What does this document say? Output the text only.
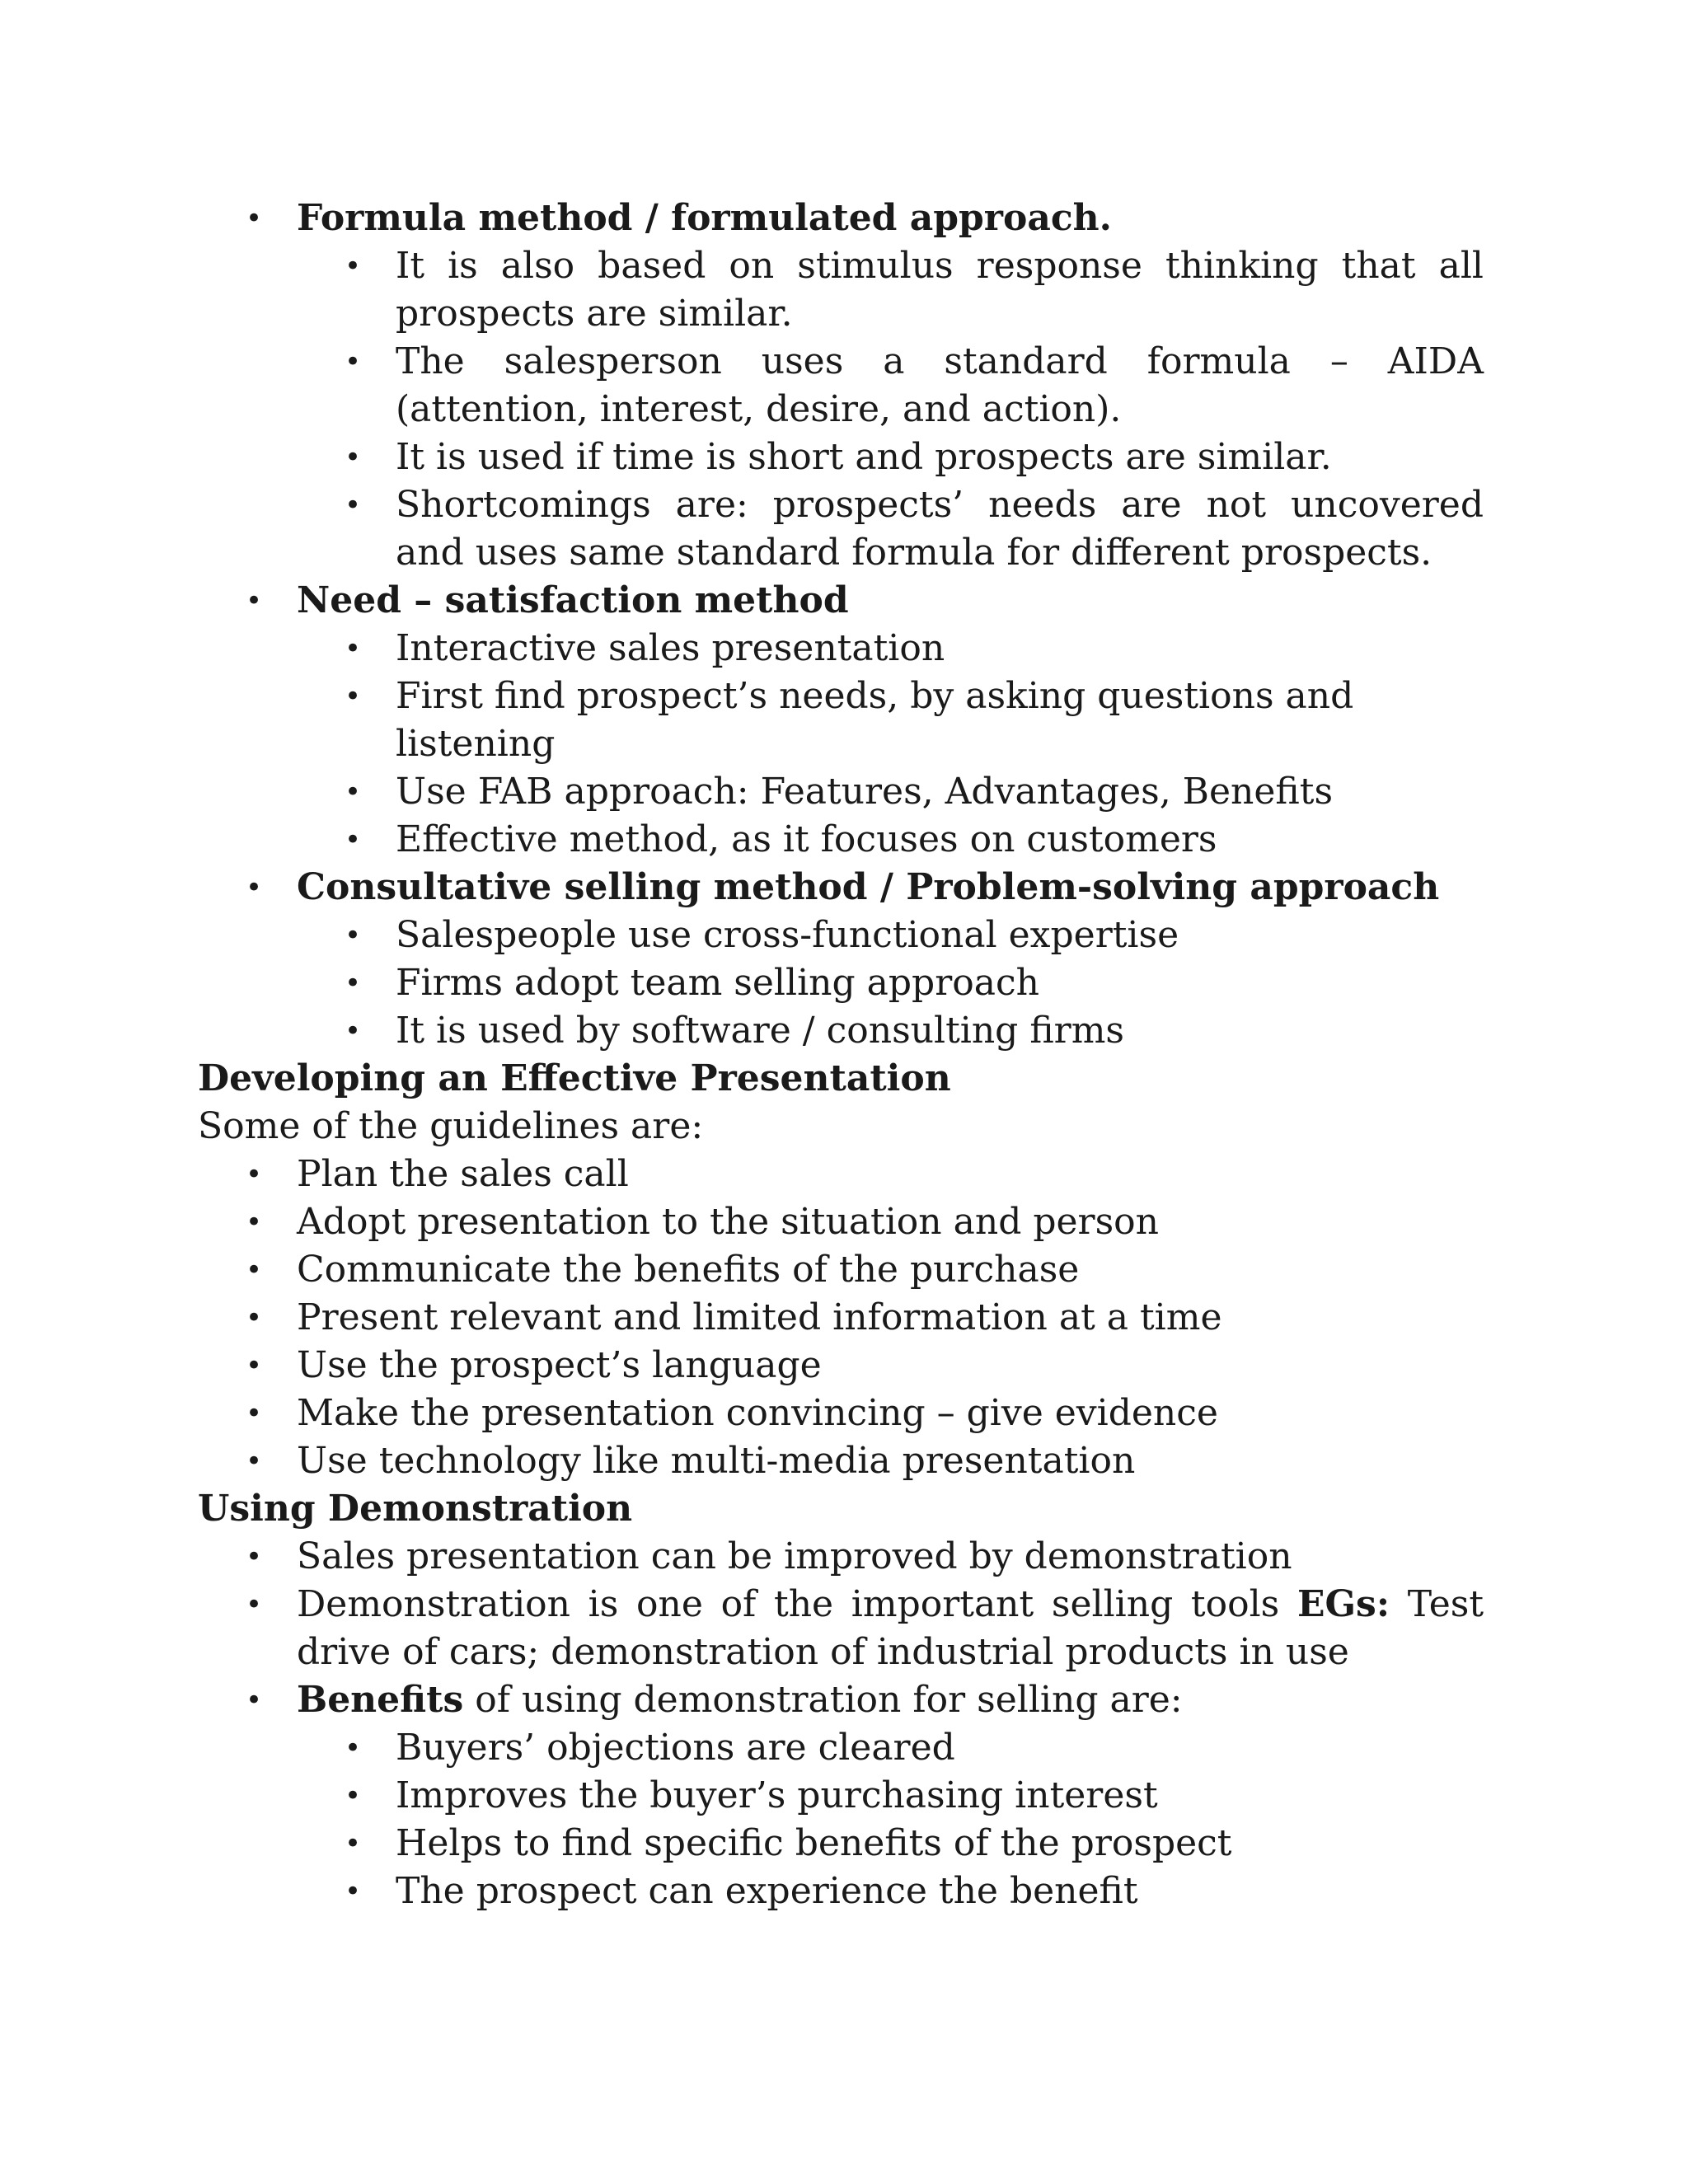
• Formula method / formulated approach.
• It is also based on stimulus response thinking that all prospects are similar.
• The salesperson uses a standard formula – AIDA (attention, interest, desire, and action).
• It is used if time is short and prospects are similar.
• Shortcomings are: prospects’ needs are not uncovered and uses same standard formula for different prospects.
• Need – satisfaction method
• Interactive sales presentation
• First find prospect’s needs, by asking questions and listening
• Use FAB approach: Features, Advantages, Benefits
• Effective method, as it focuses on customers
• Consultative selling method / Problem-solving approach
• Salespeople use cross-functional expertise
• Firms adopt team selling approach
• It is used by software / consulting firms

Developing an Effective Presentation

Some of the guidelines are:

• Plan the sales call
• Adopt presentation to the situation and person
• Communicate the benefits of the purchase
• Present relevant and limited information at a time
• Use the prospect’s language
• Make the presentation convincing – give evidence
• Use technology like multi-media presentation

Using Demonstration

• Sales presentation can be improved by demonstration
• Demonstration is one of the important selling tools EGs: Test drive of cars; demonstration of industrial products in use
• Benefits of using demonstration for selling are:
• Buyers’ objections are cleared
• Improves the buyer’s purchasing interest
• Helps to find specific benefits of the prospect
• The prospect can experience the benefit
